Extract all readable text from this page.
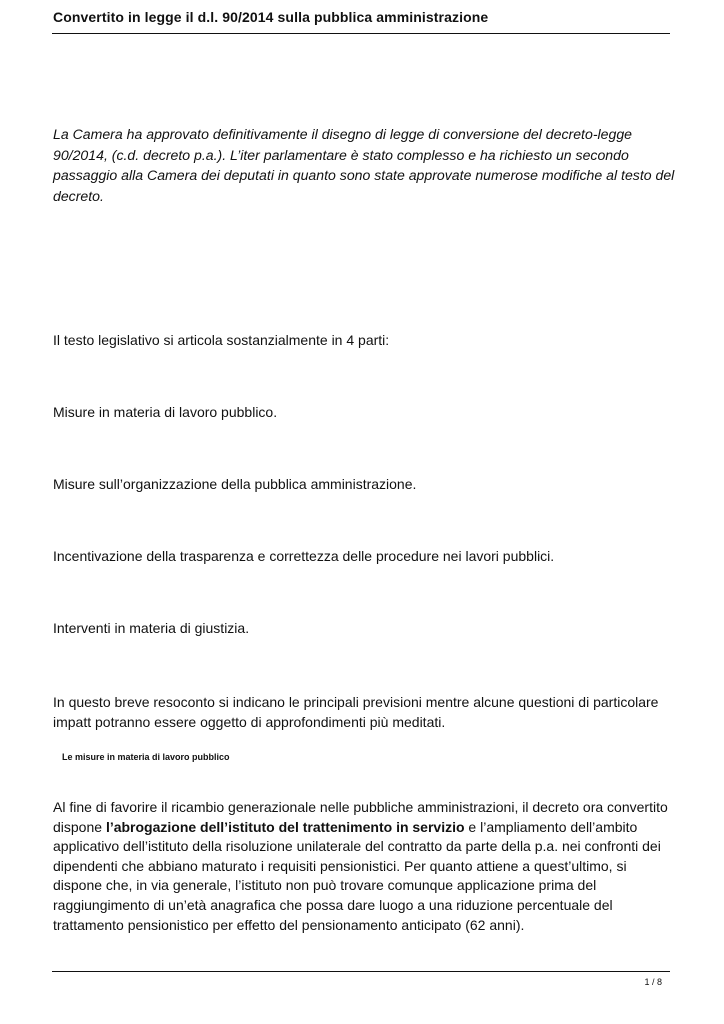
Convertito in legge il d.l. 90/2014 sulla pubblica amministrazione
La Camera ha approvato definitivamente il disegno di legge di conversione del decreto-legge 90/2014, (c.d. decreto p.a.). L’iter parlamentare è stato complesso e ha richiesto un secondo passaggio alla Camera dei deputati in quanto sono state approvate numerose modifiche al testo del decreto.
Il testo legislativo si articola sostanzialmente in 4 parti:
Misure in materia di lavoro pubblico.
Misure sull’organizzazione della pubblica amministrazione.
Incentivazione della trasparenza e correttezza delle procedure nei lavori pubblici.
Interventi in materia di giustizia.
In questo breve resoconto si indicano le principali previsioni mentre alcune questioni di particolare impatt potranno essere oggetto di approfondimenti più meditati.
Le misure in materia di lavoro pubblico
Al fine di favorire il ricambio generazionale nelle pubbliche amministrazioni, il decreto ora convertito dispone l’abrogazione dell’istituto del trattenimento in servizio e l’ampliamento dell’ambito applicativo dell’istituto della risoluzione unilaterale del contratto da parte della p.a. nei confronti dei dipendenti che abbiano maturato i requisiti pensionistici. Per quanto attiene a quest’ultimo, si dispone che, in via generale, l’istituto non può trovare comunque applicazione prima del raggiungimento di un’età anagrafica che possa dare luogo a una riduzione percentuale del trattamento pensionistico per effetto del pensionamento anticipato (62 anni).
1 / 8
